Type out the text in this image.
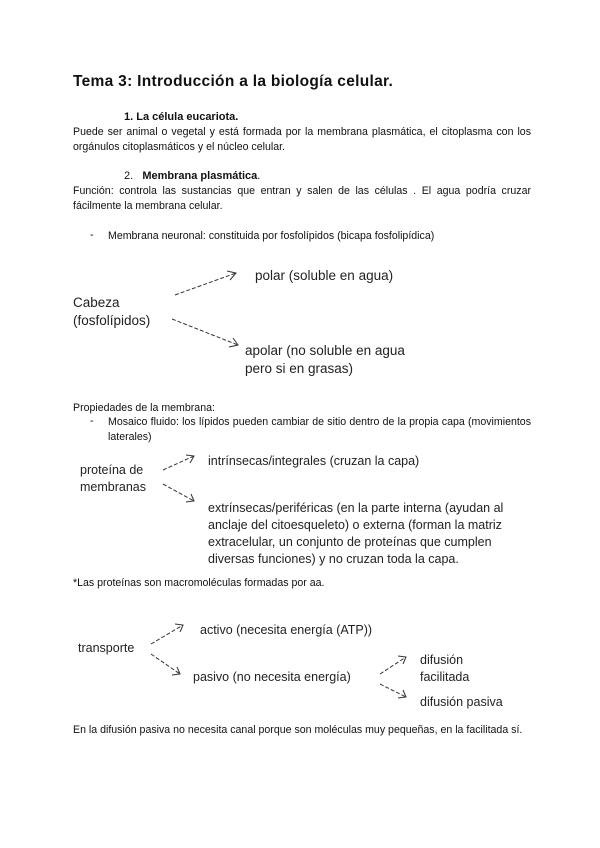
Tema 3: Introducción a la biología celular.
1. La célula eucariota.
Puede ser animal o vegetal y está formada por la membrana plasmática, el citoplasma con los orgánulos citoplasmáticos y el núcleo celular.
2. Membrana plasmática.
Función: controla las sustancias que entran y salen de las células . El agua podría cruzar fácilmente la membrana celular.
- Membrana neuronal: constituida por fosfolípidos (bicapa fosfolipídica)
Cabeza
(fosfolípidos)
polar (soluble en agua)
apolar (no soluble en agua
pero si en grasas)
Propiedades de la membrana:
- Mosaico fluido: los lípidos pueden cambiar de sitio dentro de la propia capa (movimientos laterales)
proteína de
membranas
intrínsecas/integrales (cruzan la capa)
extrínsecas/periféricas (en la parte interna (ayudan al
anclaje del citoesqueleto) o externa (forman la matriz
extracelular, un conjunto de proteínas que cumplen
diversas funciones) y no cruzan toda la capa.
*Las proteínas son macromoléculas formadas por aa.
transporte
activo (necesita energía (ATP))
pasivo (no necesita energía)
difusión
facilitada
difusión pasiva
En la difusión pasiva no necesita canal porque son moléculas muy pequeñas, en la facilitada sí.
